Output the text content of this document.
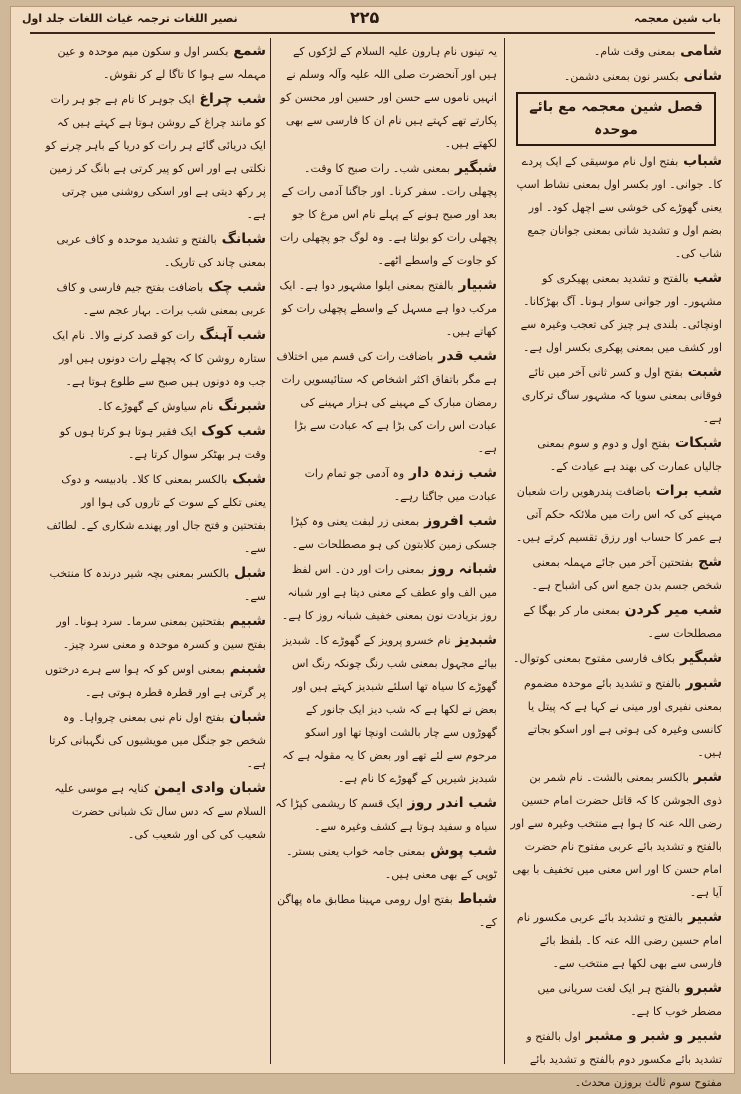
نصیر اللغات ترجمہ غیاث اللغات جلد اول	۲۲۵	باب شین معجمہ
شامی بمعنی وقت شام۔
شانی بکسر نون بمعنی دشمن۔
فصل شین معجمہ مع بائے موحدہ
شباب بفتح اول نام موسیقی کے ایک پردے کا۔ جوانی۔ اور بکسر اول بمعنی نشاط اسپ یعنی گھوڑے کی خوشی سے اچھل کود۔ اور بضم اول و تشدید شانی بمعنی جوانان جمع شاب کی۔
شب بالفتح و تشدید بمعنی پھیکری کو مشہور۔ اور جوانی سوار ہونا۔ آگ بھڑکانا۔ اونچائی۔ بلندی ہر چیز کی تعجب وغیرہ سے اور کشف میں بمعنی پھکری بکسر اول ہے۔
شبت بفتح اول و کسر ثانی آخر میں تائے فوقانی بمعنی سویا کہ مشہور ساگ ترکاری ہے۔
شبکات بفتح اول و دوم و سوم بمعنی جالیاں عمارت کی بھند ہے عیادت کے۔
شب برات باضافت پندرھویں رات شعبان مہینے کی کہ اس رات میں ملائکہ حکم آتی ہے عمر کا حساب اور رزق تقسیم کرتے ہیں۔
شج بفتحتین آخر میں جائے مہملہ بمعنی شخص جسم بدن جمع اس کی اشباح ہے۔
شب میر کردن بمعنی مار کر بھگا کے مصطلحات سے۔
شبگیر بکاف فارسی مفتوح بمعنی کوتوال۔
شبور بالفتح و تشدید بائے موحدہ مضموم بمعنی نفیری اور مینی نے کہا ہے کہ پیتل یا کانسی وغیرہ کی ہوتی ہے اور اسکو بجاتے ہیں۔
شبر بالکسر بمعنی بالشت۔ نام شمر بن ذوی الجوشن کا کہ قاتل حضرت امام حسین رضی اللہ عنہ کا ہوا ہے منتخب وغیرہ سے اور بالفتح و تشدید بائے عربی مفتوح نام حضرت امام حسن کا اور اس معنی میں تخفیف با بھی آیا ہے۔
شبیر بالفتح و تشدید بائے عربی مکسور نام امام حسین رضی اللہ عنہ کا۔ بلفظ بائے فارسی سے بھی لکھا ہے منتخب سے۔
شبرو بالفتح ہر ایک لغت سریانی میں مضطر خوب کا ہے۔
شبیر و شبر و مشبر اول بالفتح و تشدید بائے مکسور دوم بالفتح و تشدید بائے مفتوح سوم ثالث بروزن محدث۔
یہ تینوں نام ہارون علیہ السلام کے لڑکوں کے ہیں اور آنحضرت صلی اللہ علیہ وآلہ وسلم نے انہیں ناموں سے حسن اور حسین اور محسن کو پکارتے تھے کہتے ہیں نام ان کا فارسی سے بھی لکھتے ہیں۔
شبگیر بمعنی شب۔ رات صبح کا وقت۔ پچھلی رات۔ سفر کرنا۔ اور جاگنا آدمی رات کے بعد اور صبح ہونے کے پہلے نام اس مرغ کا جو پچھلی رات کو بولتا ہے۔ وہ لوگ جو پچھلی رات کو جاوت کے واسطے اٹھے۔
شبیار بالفتح بمعنی ایلوا مشہور دوا ہے۔ ایک مرکب دوا ہے مسہل کے واسطے پچھلی رات کو کھاتے ہیں۔
شب قدر باضافت رات کی قسم میں اختلاف ہے مگر باتفاق اکثر اشخاص کہ ستائیسویں رات رمضان مبارک کے مہینے کی ہزار مہینے کی عبادت اس رات کی بڑا ہے کہ عبادت سے بڑا ہے۔
شب زندہ دار وہ آدمی جو تمام رات عبادت میں جاگتا رہے۔
شب افروز بمعنی زر لبفت یعنی وہ کپڑا جسکی زمین کلابتون کی ہو مصطلحات سے۔
شبانہ روز بمعنی رات اور دن۔ اس لفظ میں الف واو عطف کے معنی دیتا ہے اور شبانہ روز بزیادت نون بمعنی خفیف شبانہ روز کا ہے۔
شبدیز نام خسرو پرویز کے گھوڑے کا۔ شبدیز بیائے مجہول بمعنی شب رنگ چونکہ رنگ اس گھوڑے کا سیاہ تھا اسلئے شبدیز کہتے ہیں اور بعض نے لکھا ہے کہ شب دیز ایک جانور کے گھوڑوں سے چار بالشت اونچا تھا اور اسکو مرحوم سے لئے تھے اور بعض کا یہ مقولہ ہے کہ شبدیز شیریں کے گھوڑے کا نام ہے۔
شب اندر روز ایک قسم کا ریشمی کپڑا کہ سیاہ و سفید ہوتا ہے کشف وغیرہ سے۔
شب پوش بمعنی جامہ خواب یعنی بستر۔ ٹوپی کے بھی معنی ہیں۔
شباط بفتح اول رومی مہینا مطابق ماہ پھاگن کے۔
شمع بکسر اول و سکون میم موحدہ و عین مہملہ سے ہوا کا تاگا لے کر نقوش۔
شب چراغ ایک جوہر کا نام ہے جو ہر رات کو مانند چراغ کے روشن ہوتا ہے کہتے ہیں کہ ایک دریائی گائے ہر رات کو دریا کے باہر چرنے کو نکلتی ہے اور اس کو پیر کرتی ہے بانگ کر زمین پر رکھ دیتی ہے اور اسکی روشنی میں چرتی ہے۔
شبانگ بالفتح و تشدید موحدہ و کاف عربی بمعنی چاند کی تاریک۔
شب چک باضافت بفتح جیم فارسی و کاف عربی بمعنی شب برات۔ بہار عجم سے۔
شب آہنگ رات کو قصد کرنے والا۔ نام ایک ستارہ روشن کا کہ پچھلے رات دونوں ہیں اور جب وہ دونوں ہیں صبح سے طلوع ہوتا ہے۔
شبرنگ نام سیاوش کے گھوڑے کا۔
شب کوک ایک فقیر ہوتا ہو کرتا ہوں کو وقت ہر بھٹکر سوال کرتا ہے۔
شبک بالکسر بمعنی کا کلا۔ بادبیسہ و دوک یعنی تکلے کے سوت کے تاروں کی ہوا اور بفتحتین و فتح جال اور پھندے شکاری کے۔ لطائف سے۔
شبل بالکسر بمعنی بچہ شیر درندہ کا منتخب سے۔
شبیم بفتحتین بمعنی سرما۔ سرد ہونا۔ اور بفتح سین و کسرہ موحدہ و معنی سرد چیز۔
شبنم بمعنی اوس کو کہ ہوا سے ہرے درختوں پر گرتی ہے اور قطرہ قطرہ ہوتی ہے۔
شبان بفتح اول نام نبی بمعنی چرواہا۔ وہ شخص جو جنگل میں مویشیوں کی نگہبانی کرتا ہے۔
شبان وادی ایمن کنایہ ہے موسی علیہ السلام سے کہ دس سال تک شبانی حضرت شعیب کی کی اور شعیب کی۔
